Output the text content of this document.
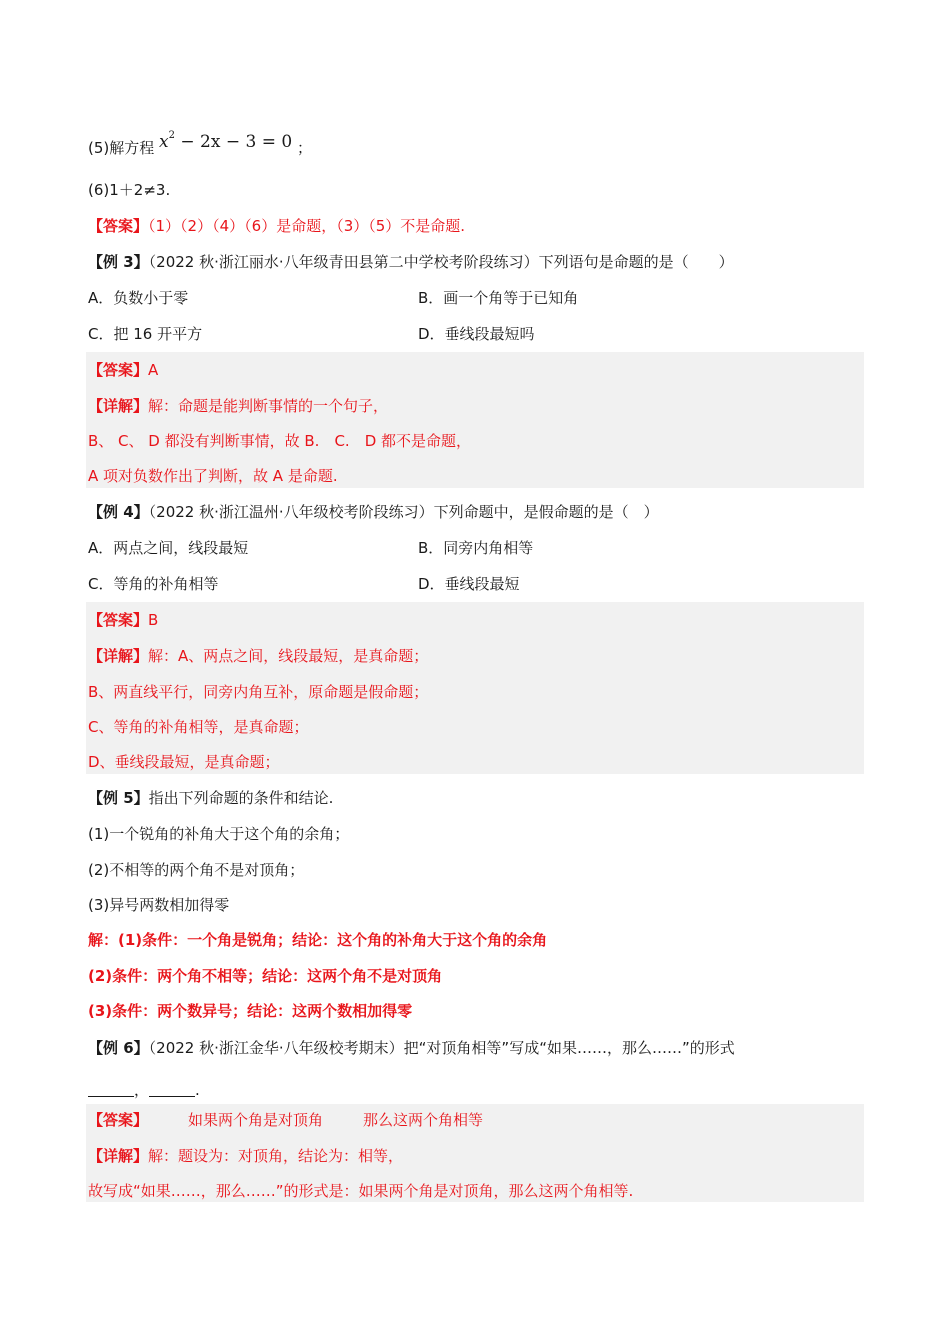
(5)解方程 $x^2 - 2x - 3 = 0$ ；
(6)1＋2≠3.
【答案】（1）（2）（4）（6）是命题，（3）（5）不是命题.
【例 3】（2022 秋·浙江丽水·八年级青田县第二中学校考阶段练习）下列语句是命题的是（　　）
A．负数小于零	B．画一个角等于已知角
C．把 16 开平方	D．垂线段最短吗
【答案】A
【详解】解：命题是能判断事情的一个句子，
B、 C、 D 都没有判断事情，故 B.　C.　D 都不是命题，
A 项对负数作出了判断，故 A 是命题.
【例 4】（2022 秋·浙江温州·八年级校考阶段练习）下列命题中，是假命题的是（　）
A．两点之间，线段最短	B．同旁内角相等
C．等角的补角相等	D．垂线段最短
【答案】B
【详解】解：A、两点之间，线段最短，是真命题；
B、两直线平行，同旁内角互补，原命题是假命题；
C、等角的补角相等，是真命题；
D、垂线段最短，是真命题；
【例 5】指出下列命题的条件和结论.
(1)一个锐角的补角大于这个角的余角；
(2)不相等的两个角不是对顶角；
(3)异号两数相加得零
解：(1)条件：一个角是锐角；结论：这个角的补角大于这个角的余角
(2)条件：两个角不相等；结论：这两个角不是对顶角
(3)条件：两个数异号；结论：这两个数相加得零
【例 6】（2022 秋·浙江金华·八年级校考期末）把“对顶角相等”写成“如果……，那么……”的形式
，	.
【答案】	如果两个角是对顶角	那么这两个角相等
【详解】解：题设为：对顶角，结论为：相等，
故写成“如果……，那么……”的形式是：如果两个角是对顶角，那么这两个角相等.
